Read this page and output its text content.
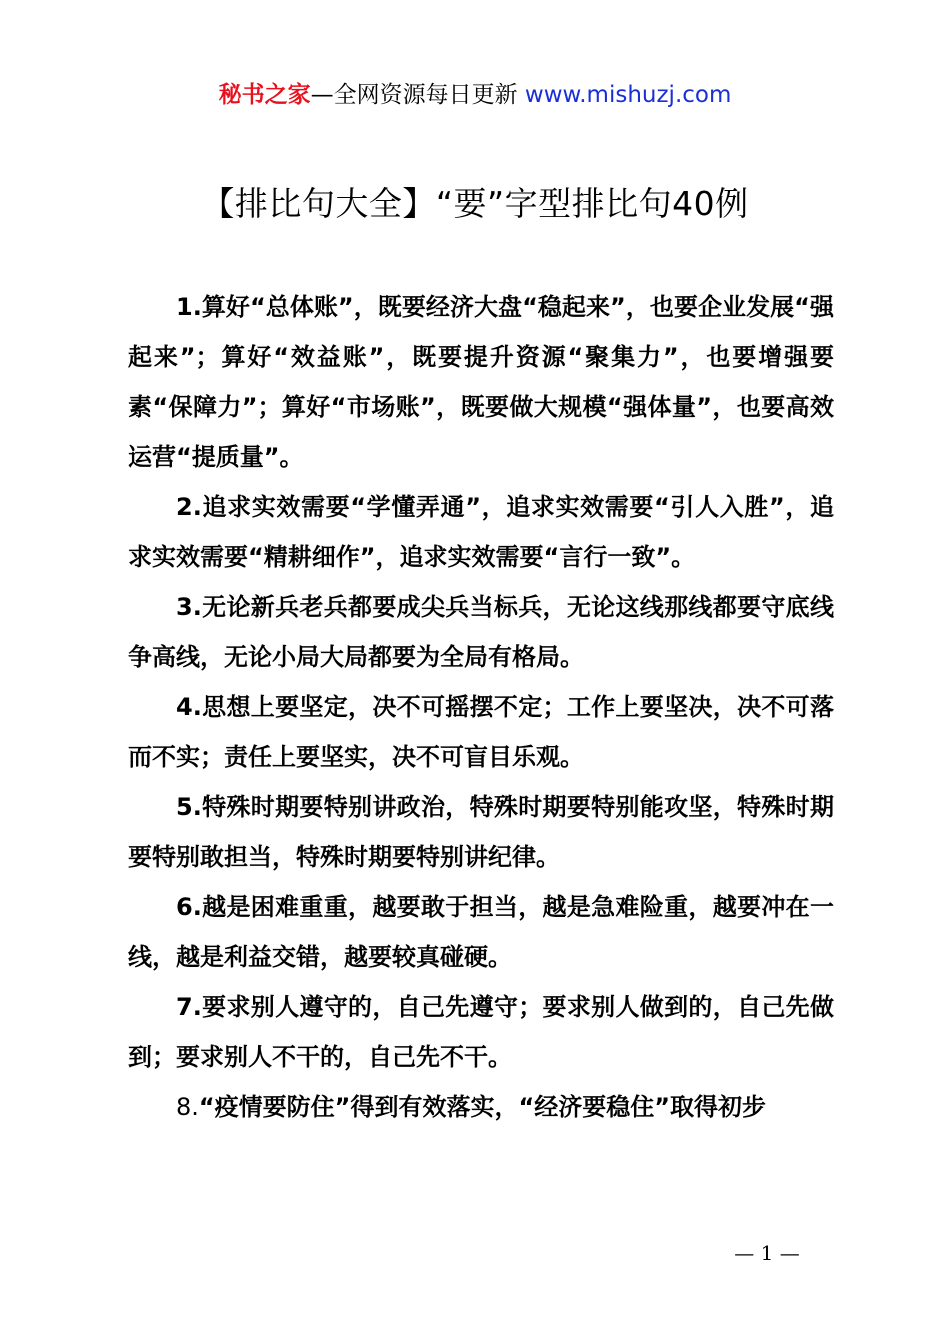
秘书之家—全网资源每日更新 www.mishuzj.com
【排比句大全】“要”字型排比句40例

1.算好“总体账”，既要经济大盘“稳起来”，也要企业发展“强起来”；算好“效益账”，既要提升资源“聚集力”，也要增强要素“保障力”；算好“市场账”，既要做大规模“强体量”，也要高效运营“提质量”。

2.追求实效需要“学懂弄通”，追求实效需要“引人入胜”，追求实效需要“精耕细作”，追求实效需要“言行一致”。

3.无论新兵老兵都要成尖兵当标兵，无论这线那线都要守底线争高线，无论小局大局都要为全局有格局。

4.思想上要坚定，决不可摇摆不定；工作上要坚决，决不可落而不实；责任上要坚实，决不可盲目乐观。

5.特殊时期要特别讲政治，特殊时期要特别能攻坚，特殊时期要特别敢担当，特殊时期要特别讲纪律。

6.越是困难重重，越要敢于担当，越是急难险重，越要冲在一线，越是利益交错，越要较真碰硬。

7.要求别人遵守的，自己先遵守；要求别人做到的，自己先做到；要求别人不干的，自己先不干。

8.“疫情要防住”得到有效落实，“经济要稳住”取得初步

— 1 —
